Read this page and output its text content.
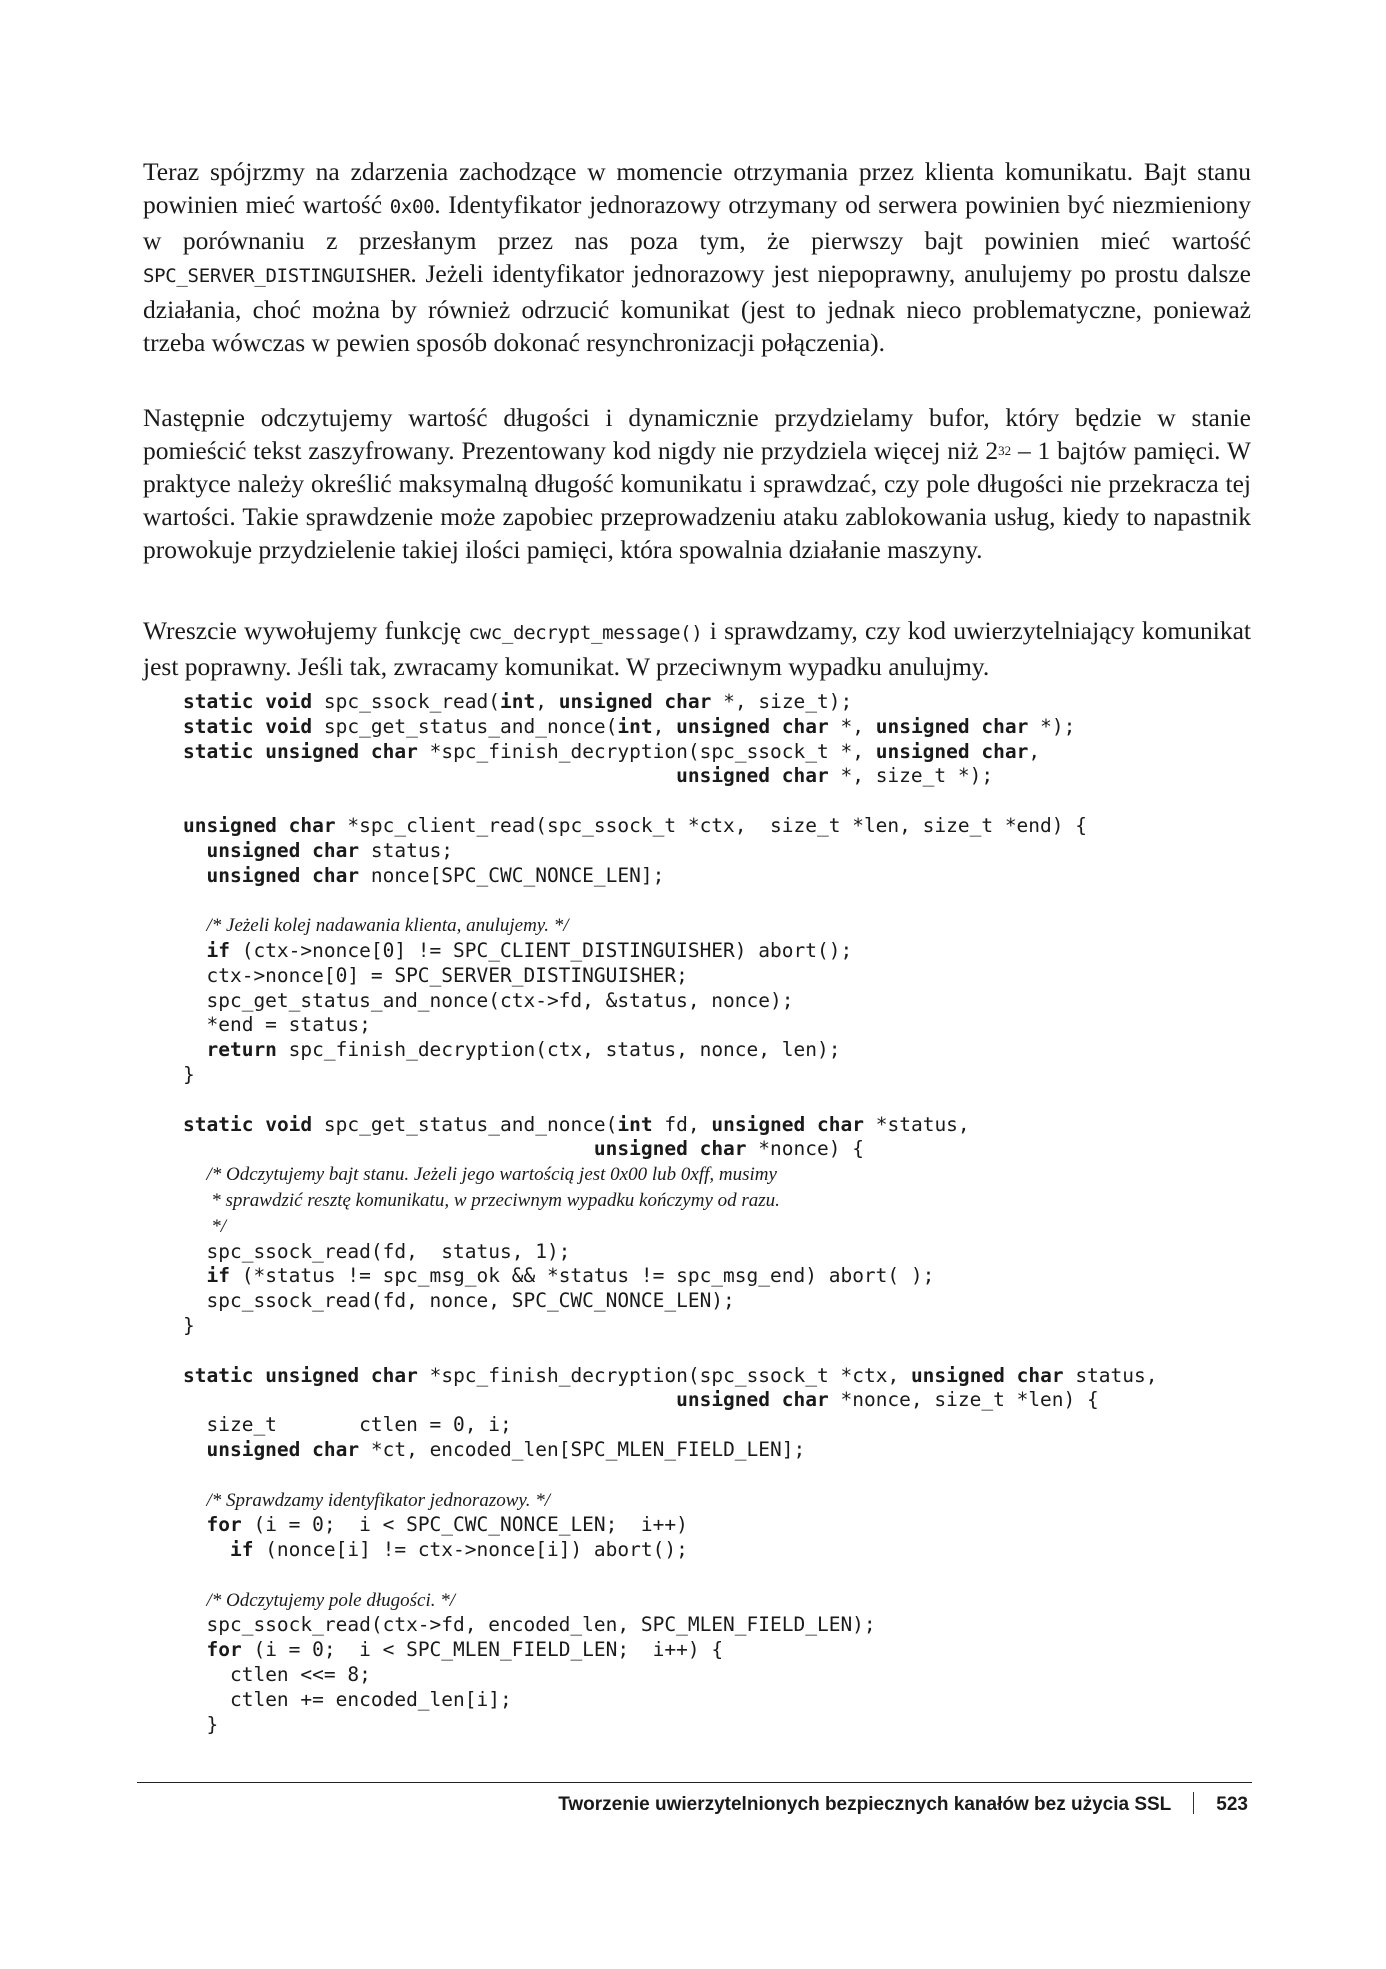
Teraz spójrzmy na zdarzenia zachodzące w momencie otrzymania przez klienta komunikatu. Bajt stanu powinien mieć wartość 0x00. Identyfikator jednorazowy otrzymany od serwera powinien być niezmieniony w porównaniu z przesłanym przez nas poza tym, że pierwszy bajt powinien mieć wartość SPC_SERVER_DISTINGUISHER. Jeżeli identyfikator jednorazowy jest niepoprawny, anulujemy po prostu dalsze działania, choć można by również odrzucić komunikat (jest to jednak nieco problematyczne, ponieważ trzeba wówczas w pewien sposób dokonać resynchronizacji połączenia).

Następnie odczytujemy wartość długości i dynamicznie przydzielamy bufor, który będzie w stanie pomieścić tekst zaszyfrowany. Prezentowany kod nigdy nie przydziela więcej niż $2^{32} - 1$ bajtów pamięci. W praktyce należy określić maksymalną długość komunikatu i sprawdzać, czy pole długości nie przekracza tej wartości. Takie sprawdzenie może zapobiec przeprowadzeniu ataku zablokowania usług, kiedy to napastnik prowokuje przydzielenie takiej ilości pamięci, która spowalnia działanie maszyny.

Wreszcie wywołujemy funkcję cwc_decrypt_message() i sprawdzamy, czy kod uwierzytelniający komunikat jest poprawny. Jeśli tak, zwracamy komunikat. W przeciwnym wypadku anulujmy.

static void spc_ssock_read(int, unsigned char *, size_t);
static void spc_get_status_and_nonce(int, unsigned char *, unsigned char *);
static unsigned char *spc_finish_decryption(spc_ssock_t *, unsigned char,
unsigned char *, size_t *);

unsigned char *spc_client_read(spc_ssock_t *ctx,  size_t *len, size_t *end) {
unsigned char status;
unsigned char nonce[SPC_CWC_NONCE_LEN];

/* Jeżeli kolej nadawania klienta, anulujemy. */
if (ctx->nonce[0] != SPC_CLIENT_DISTINGUISHER) abort();
ctx->nonce[0] = SPC_SERVER_DISTINGUISHER;
spc_get_status_and_nonce(ctx->fd, &status, nonce);
*end = status;
return spc_finish_decryption(ctx, status, nonce, len);
}

static void spc_get_status_and_nonce(int fd, unsigned char *status,
unsigned char *nonce) {
/* Odczytujemy bajt stanu. Jeżeli jego wartością jest 0x00 lub 0xff, musimy
* sprawdzić resztę komunikatu, w przeciwnym wypadku kończymy od razu.
*/
spc_ssock_read(fd,  status, 1);
if (*status != spc_msg_ok && *status != spc_msg_end) abort( );
spc_ssock_read(fd, nonce, SPC_CWC_NONCE_LEN);
}

static unsigned char *spc_finish_decryption(spc_ssock_t *ctx, unsigned char status,
unsigned char *nonce, size_t *len) {
size_t       ctlen = 0, i;
unsigned char *ct, encoded_len[SPC_MLEN_FIELD_LEN];

/* Sprawdzamy identyfikator jednorazowy. */
for (i = 0;  i < SPC_CWC_NONCE_LEN;  i++)
if (nonce[i] != ctx->nonce[i]) abort();

/* Odczytujemy pole długości. */
spc_ssock_read(ctx->fd, encoded_len, SPC_MLEN_FIELD_LEN);
for (i = 0;  i < SPC_MLEN_FIELD_LEN;  i++) {
ctlen <<= 8;
ctlen += encoded_len[i];
}
Tworzenie uwierzytelnionych bezpiecznych kanałów bez użycia SSL 523
